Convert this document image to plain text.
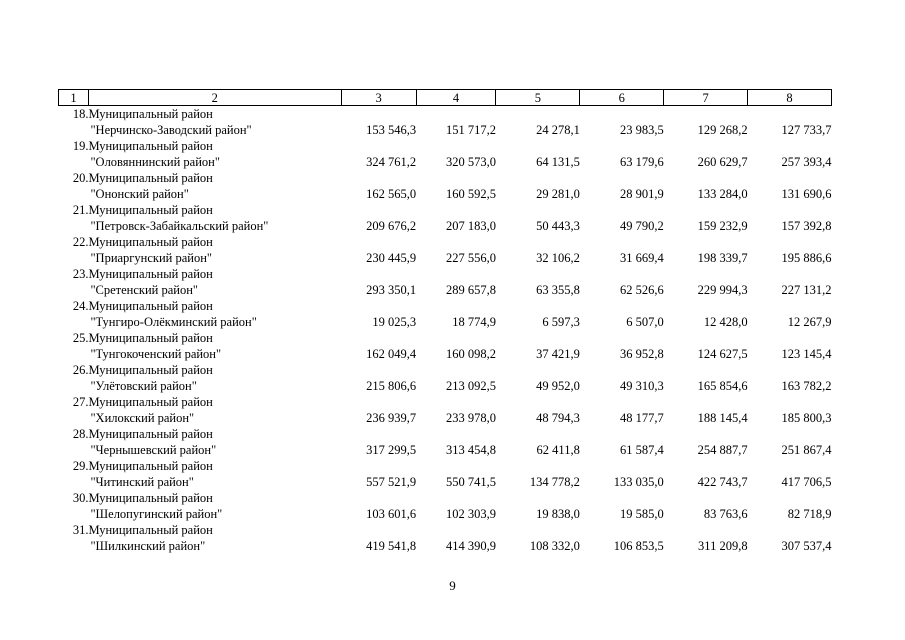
1	2	3	4	5	6	7	8
18.	Муниципальный район						
	"Нерчинско-Заводский район"	153 546,3	151 717,2	24 278,1	23 983,5	129 268,2	127 733,7
19.	Муниципальный район						
	"Оловяннинский район"	324 761,2	320 573,0	64 131,5	63 179,6	260 629,7	257 393,4
20.	Муниципальный район						
	"Ононский район"	162 565,0	160 592,5	29 281,0	28 901,9	133 284,0	131 690,6
21.	Муниципальный район						
	"Петровск-Забайкальский район"	209 676,2	207 183,0	50 443,3	49 790,2	159 232,9	157 392,8
22.	Муниципальный район						
	"Приаргунский район"	230 445,9	227 556,0	32 106,2	31 669,4	198 339,7	195 886,6
23.	Муниципальный район						
	"Сретенский район"	293 350,1	289 657,8	63 355,8	62 526,6	229 994,3	227 131,2
24.	Муниципальный район						
	"Тунгиро-Олёкминский район"	19 025,3	18 774,9	6 597,3	6 507,0	12 428,0	12 267,9
25.	Муниципальный район						
	"Тунгокоченский район"	162 049,4	160 098,2	37 421,9	36 952,8	124 627,5	123 145,4
26.	Муниципальный район						
	"Улётовский район"	215 806,6	213 092,5	49 952,0	49 310,3	165 854,6	163 782,2
27.	Муниципальный район						
	"Хилокский район"	236 939,7	233 978,0	48 794,3	48 177,7	188 145,4	185 800,3
28.	Муниципальный район						
	"Чернышевский район"	317 299,5	313 454,8	62 411,8	61 587,4	254 887,7	251 867,4
29.	Муниципальный район						
	"Читинский район"	557 521,9	550 741,5	134 778,2	133 035,0	422 743,7	417 706,5
30.	Муниципальный район						
	"Шелопугинский район"	103 601,6	102 303,9	19 838,0	19 585,0	83 763,6	82 718,9
31.	Муниципальный район						
	"Шилкинский район"	419 541,8	414 390,9	108 332,0	106 853,5	311 209,8	307 537,4
9
